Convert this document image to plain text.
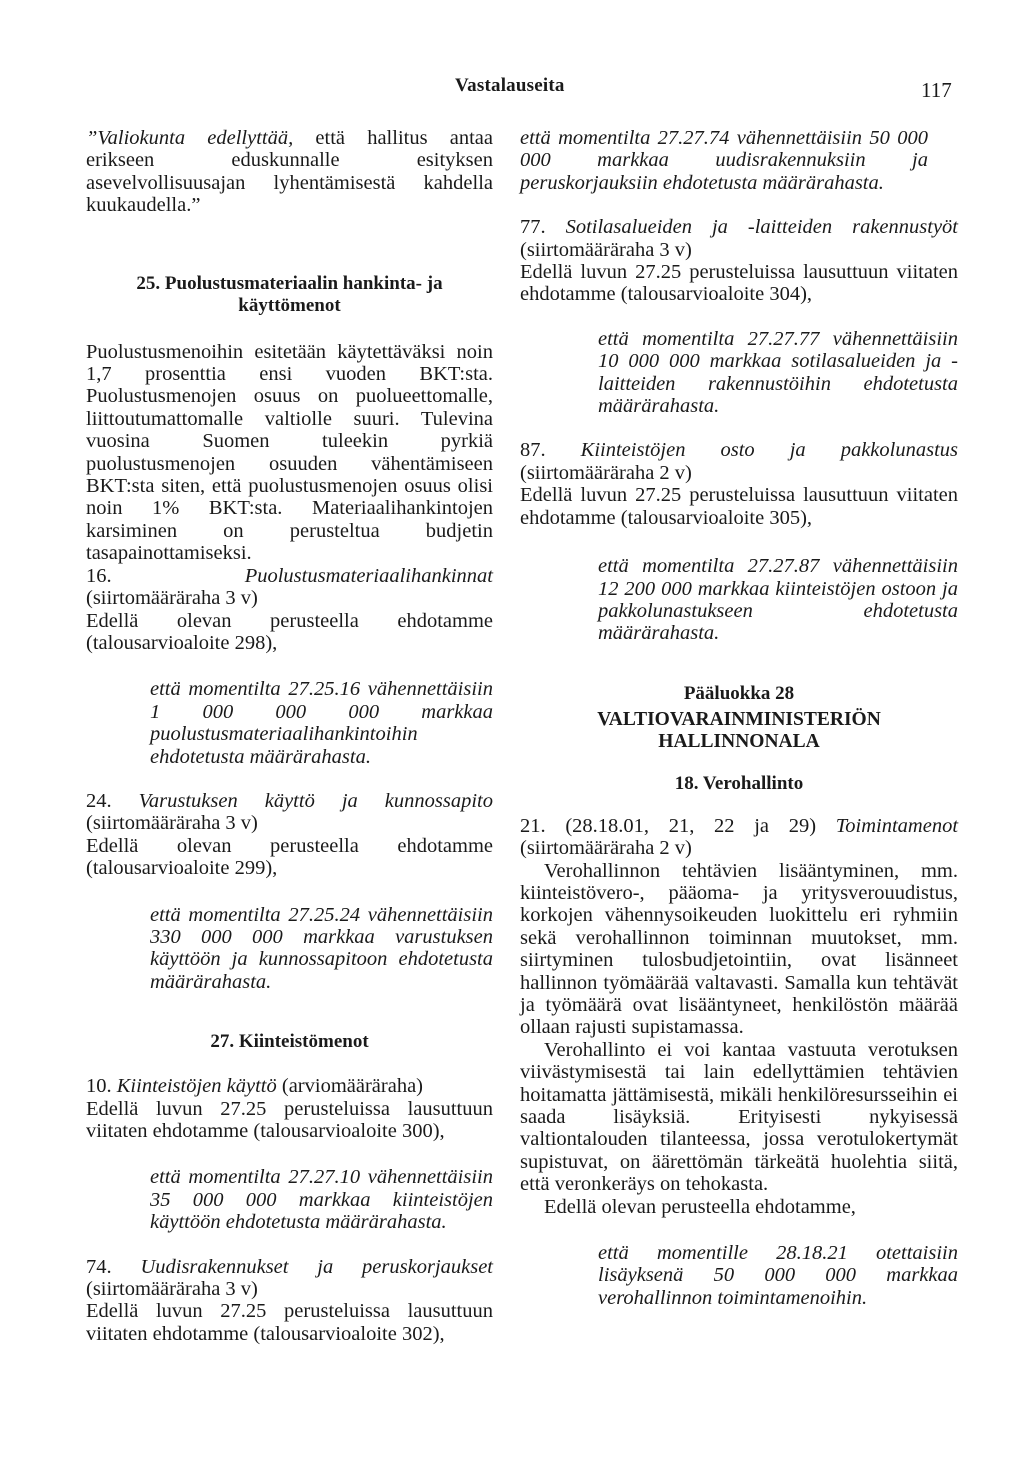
Vastalauseita	117

”Valiokunta edellyttää, että hallitus antaa erikseen eduskunnalle esityksen asevelvollisuusajan lyhentämisestä kahdella kuukaudella.”

25. Puolustusmateriaalin hankinta- ja käyttömenot

Puolustusmenoihin esitetään käytettäväksi noin 1,7 prosenttia ensi vuoden BKT:sta. Puolustusmenojen osuus on puolueettomalle, liittoutumattomalle valtiolle suuri. Tulevina vuosina Suomen tuleekin pyrkiä puolustusmenojen osuuden vähentämiseen BKT:sta siten, että puolustusmenojen osuus olisi noin 1% BKT:sta. Materiaalihankintojen karsiminen on perusteltua budjetin tasapainottamiseksi.

16.	Puolustusmateriaalihankinnat (siirtomääräraha 3 v)

Edellä olevan perusteella ehdotamme (talousarvioaloite 298),

että momentilta 27.25.16 vähennettäisiin 1 000 000 000 markkaa puolustusmateriaalihankintoihin ehdotetusta määrärahasta.

24. Varustuksen käyttö ja kunnossapito (siirtomääräraha 3 v)

Edellä olevan perusteella ehdotamme (talousarvioaloite 299),

että momentilta 27.25.24 vähennettäisiin 330 000 000 markkaa varustuksen käyttöön ja kunnossapitoon ehdotetusta määrärahasta.

27. Kiinteistömenot

10. Kiinteistöjen käyttö (arviomääräraha)

Edellä luvun 27.25 perusteluissa lausuttuun viitaten ehdotamme (talousarvioaloite 300),

että momentilta 27.27.10 vähennettäisiin 35 000 000 markkaa kiinteistöjen käyttöön ehdotetusta määrärahasta.

74. Uudisrakennukset ja peruskorjaukset (siirtomääräraha 3 v)

Edellä luvun 27.25 perusteluissa lausuttuun viitaten ehdotamme (talousarvioaloite 302),

että momentilta 27.27.74 vähennettäisiin 50 000 000 markkaa uudisrakennuksiin ja peruskorjauksiin ehdotetusta määrärahasta.

77. Sotilasalueiden ja -laitteiden rakennustyöt (siirtomääräraha 3 v)

Edellä luvun 27.25 perusteluissa lausuttuun viitaten ehdotamme (talousarvioaloite 304),

että momentilta 27.27.77 vähennettäisiin 10 000 000 markkaa sotilasalueiden ja -laitteiden rakennustöihin ehdotetusta määrärahasta.

87. Kiinteistöjen osto ja pakkolunastus (siirtomääräraha 2 v)

Edellä luvun 27.25 perusteluissa lausuttuun viitaten ehdotamme (talousarvioaloite 305),

että momentilta 27.27.87 vähennettäisiin 12 200 000 markkaa kiinteistöjen ostoon ja pakkolunastukseen ehdotetusta määrärahasta.

Pääluokka 28
VALTIOVARAINMINISTERIÖN HALLINNONALA
18. Verohallinto

21. (28.18.01, 21, 22 ja 29) Toimintamenot (siirtomääräraha 2 v)

Verohallinnon tehtävien lisääntyminen, mm. kiinteistövero-, pääoma- ja yritysverouudistus, korkojen vähennysoikeuden luokittelu eri ryhmiin sekä verohallinnon toiminnan muutokset, mm. siirtyminen tulosbudjetointiin, ovat lisänneet hallinnon työmäärää valtavasti. Samalla kun tehtävät ja työmäärä ovat lisääntyneet, henkilöstön määrää ollaan rajusti supistamassa.

Verohallinto ei voi kantaa vastuuta verotuksen viivästymisestä tai lain edellyttämien tehtävien hoitamatta jättämisestä, mikäli henkilöresursseihin ei saada lisäyksiä. Erityisesti nykyisessä valtiontalouden tilanteessa, jossa verotulokertymät supistuvat, on äärettömän tärkeätä huolehtia siitä, että veronkeräys on tehokasta.

Edellä olevan perusteella ehdotamme,

että momentille 28.18.21 otettaisiin lisäyksenä 50 000 000 markkaa verohallinnon toimintamenoihin.
